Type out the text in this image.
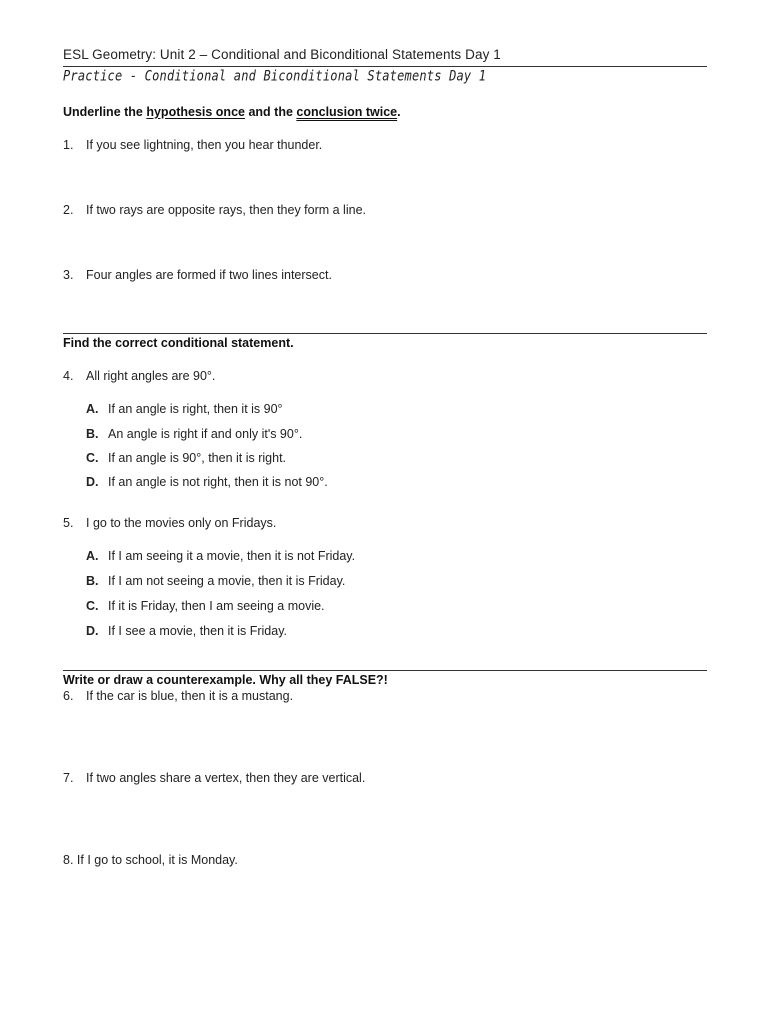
ESL Geometry: Unit 2 – Conditional and Biconditional Statements Day 1
Practice - Conditional and Biconditional Statements Day 1
Underline the hypothesis once and the conclusion twice.
1. If you see lightning, then you hear thunder.
2. If two rays are opposite rays, then they form a line.
3. Four angles are formed if two lines intersect.
Find the correct conditional statement.
4. All right angles are 90°.
A. If an angle is right, then it is 90°
B. An angle is right if and only it's 90°.
C. If an angle is 90°, then it is right.
D. If an angle is not right, then it is not 90°.
5. I go to the movies only on Fridays.
A. If I am seeing it a movie, then it is not Friday.
B. If I am not seeing a movie, then it is Friday.
C. If it is Friday, then I am seeing a movie.
D. If I see a movie, then it is Friday.
Write or draw a counterexample. Why all they FALSE?!
6. If the car is blue, then it is a mustang.
7. If two angles share a vertex, then they are vertical.
8. If I go to school, it is Monday.
